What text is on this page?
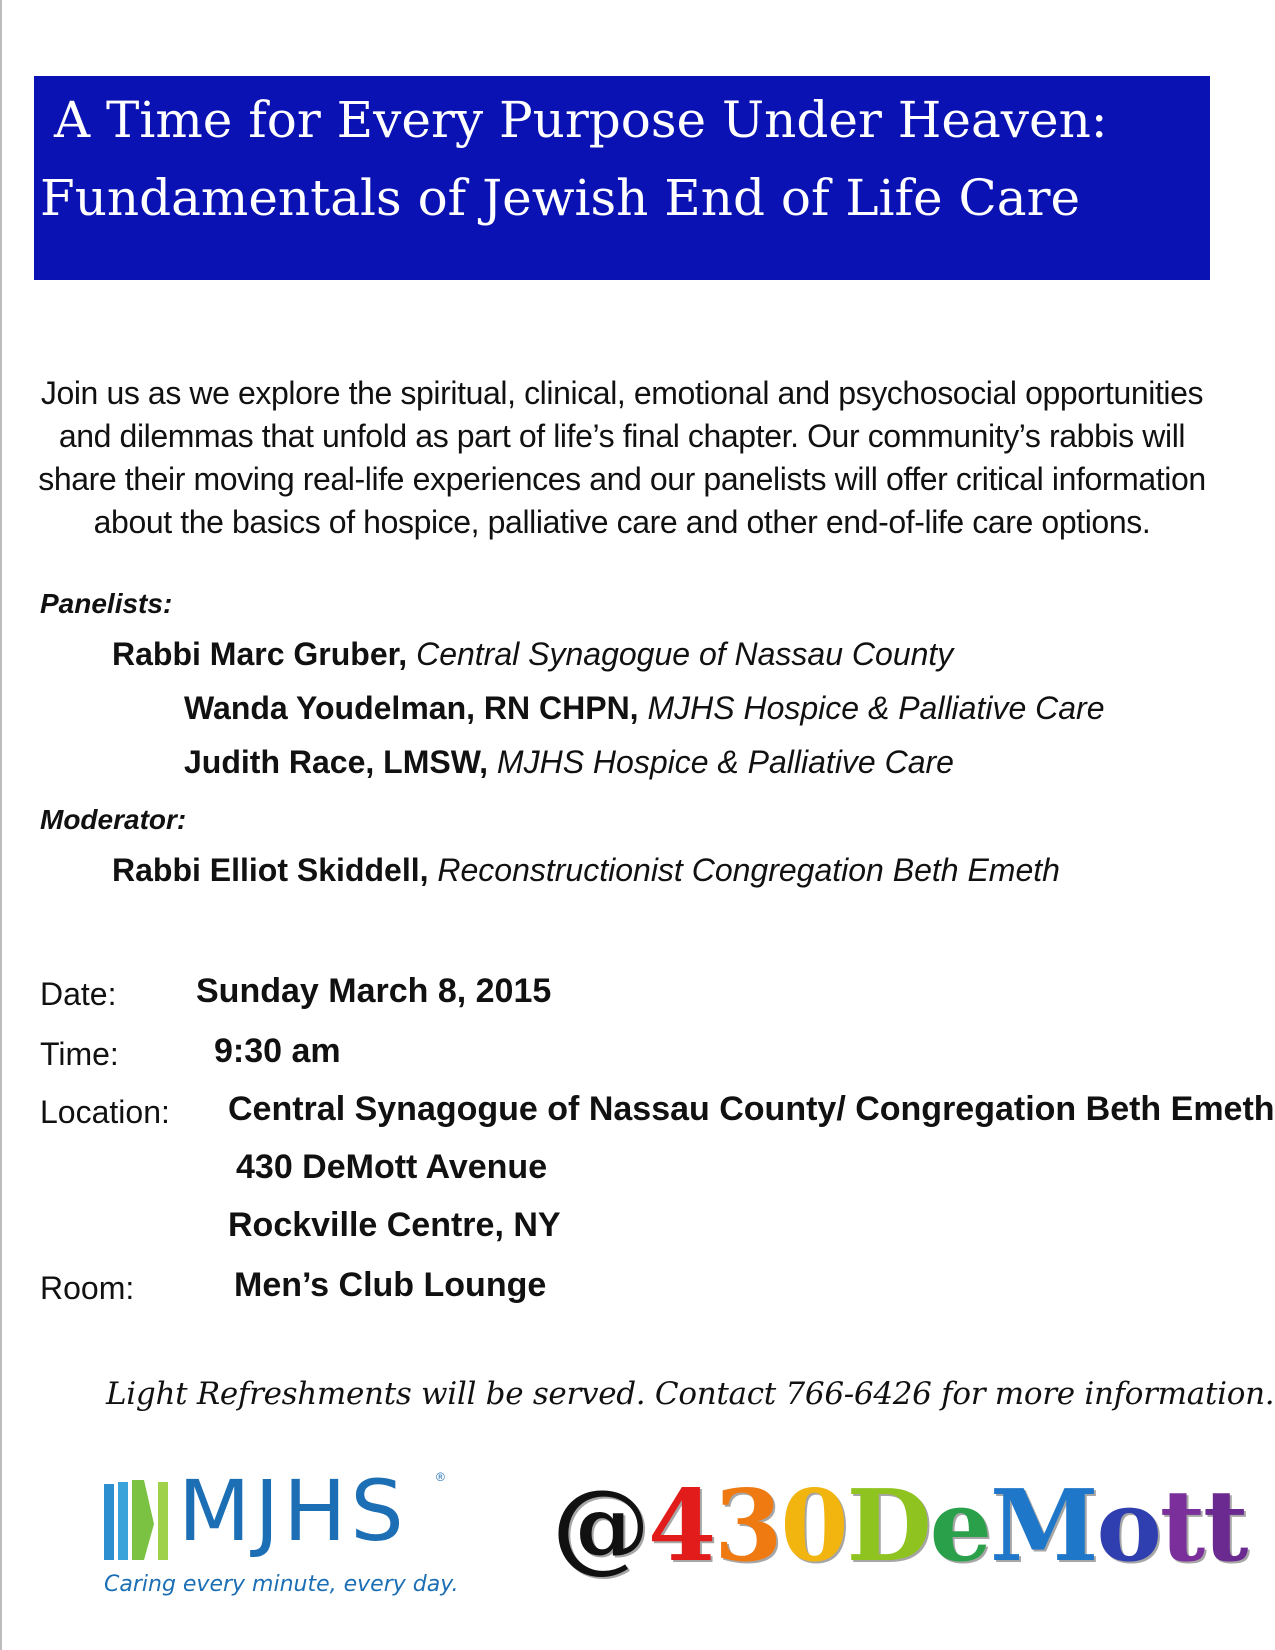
A Time for Every Purpose Under Heaven:
Fundamentals of Jewish End of Life Care
Join us as we explore the spiritual, clinical, emotional and psychosocial opportunities
and dilemmas that unfold as part of life’s final chapter. Our community’s rabbis will
share their moving real-life experiences and our panelists will offer critical information
about the basics of hospice, palliative care and other end-of-life care options.
Panelists:
Rabbi Marc Gruber, Central Synagogue of Nassau County
Wanda Youdelman, RN CHPN, MJHS Hospice & Palliative Care
Judith Race, LMSW, MJHS Hospice & Palliative Care
Moderator:
Rabbi Elliot Skiddell, Reconstructionist Congregation Beth Emeth
Date: Sunday March 8, 2015
Time:	9:30 am
Location: Central Synagogue of Nassau County/ Congregation Beth Emeth
430 DeMott Avenue
Rockville Centre, NY
Room:	Men’s Club Lounge
Light Refreshments will be served. Contact 766-6426 for more information.
MJHS ®
Caring every minute, every day.
@430DeMott
